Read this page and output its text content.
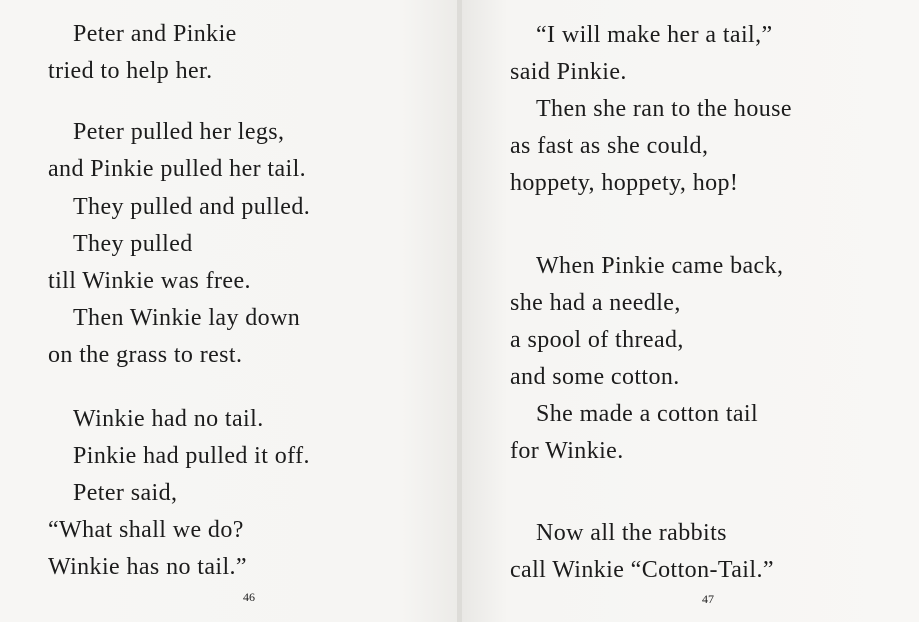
Peter and Pinkie
tried to help her.
Peter pulled her legs,
and Pinkie pulled her tail.
They pulled and pulled.
They pulled
till Winkie was free.
Then Winkie lay down
on the grass to rest.
Winkie had no tail.
Pinkie had pulled it off.
Peter said,
“What shall we do?
Winkie has no tail.”
46
“I will make her a tail,”
said Pinkie.
Then she ran to the house
as fast as she could,
hoppety, hoppety, hop!
When Pinkie came back,
she had a needle,
a spool of thread,
and some cotton.
She made a cotton tail
for Winkie.
Now all the rabbits
call Winkie “Cotton-Tail.”
47
